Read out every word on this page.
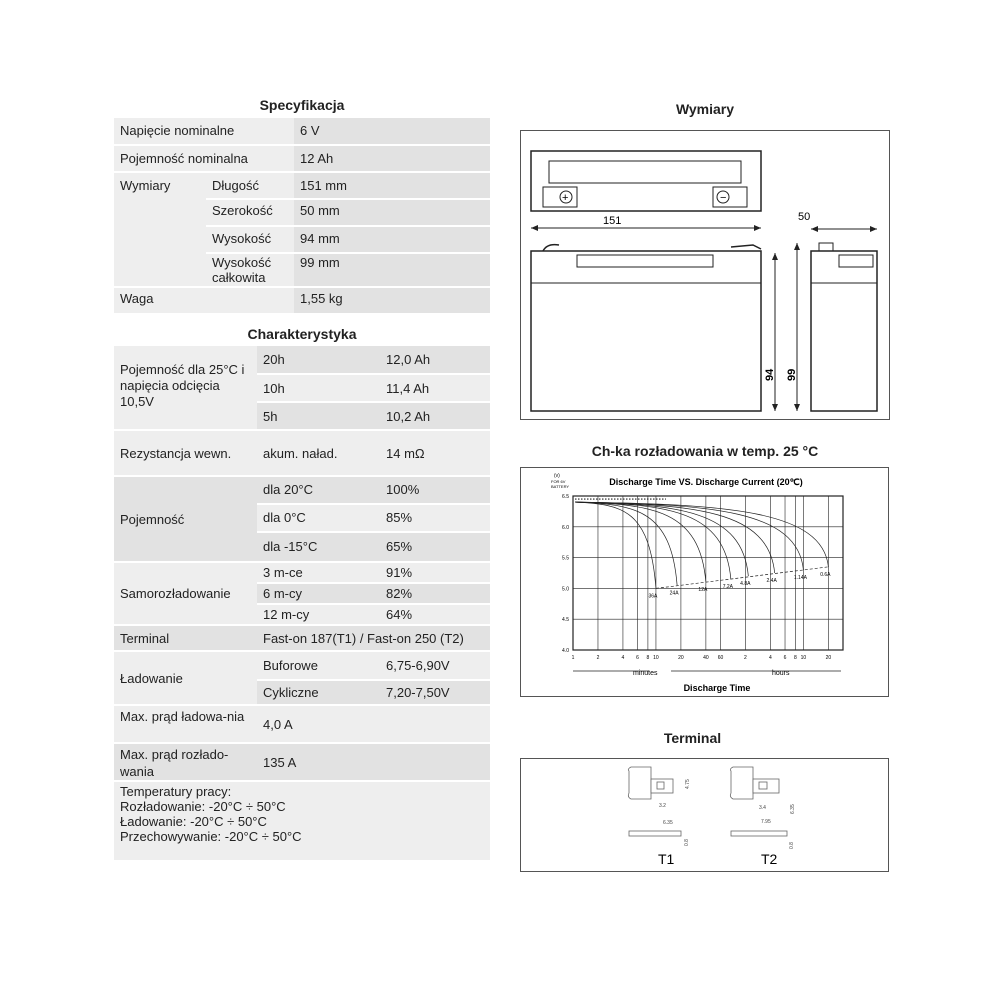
Specyfikacja
Napięcie nominalne		6 V
Pojemność nominalna		12 Ah
Wymiary	Długość	151 mm
	Szerokość	50 mm
	Wysokość	94 mm
	Wysokość całkowita	99 mm
Waga		1,55 kg
Charakterystyka
Pojemność dla 25°C i napięcia odcięcia 10,5V	20h	12,0 Ah
	10h	11,4 Ah
	5h	10,2 Ah
Rezystancja wewn.	akum. naład.	14 mΩ
Pojemność	dla 20°C	100%
	dla 0°C	85%
	dla -15°C	65%
Samorozładowanie	3 m-ce	91%
	6 m-cy	82%
	12 m-cy	64%
Terminal	Fast-on 187(T1) / Fast-on 250 (T2)	
Ładowanie	Buforowe	6,75-6,90V
	Cykliczne	7,20-7,50V
Max. prąd ładowa-nia	4,0 A	
Max. prąd rozłado-wania	135 A	

Temperatury pracy:
Rozładowanie: -20°C ÷ 50°C
Ładowanie: -20°C ÷ 50°C
Przechowywanie: -20°C ÷ 50°C		
Wymiary
+	−
151
94 99
50
Ch-ka rozładowania w temp. 25 °C
Discharge Time VS. Discharge Current (20℃)
(v)
FOR 6V
BATTERY
4.0
4.5
5.0
5.5
6.0
6.5
1	2	4 6 8 10	20	40 60	2	4 6 8 10	20
36A
24A
12A
7.2A
4.8A
2.4A
1.14A
0.6A
minutes	hours
Discharge Time
Terminal
4.75
3.2
6.35
0.8
T1
6.35
3.4
7.95
0.8
T2
